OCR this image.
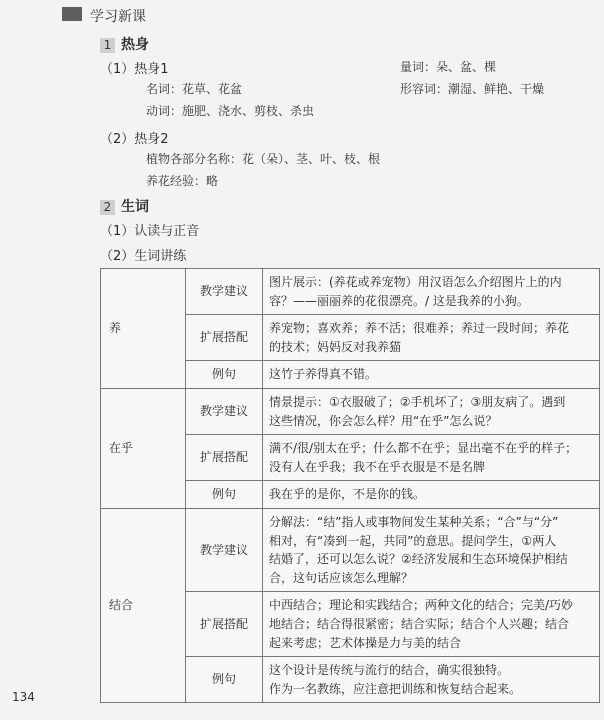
学习新课
1 热身
（1）热身1
名词：花草、花盆
动词：施肥、浇水、剪枝、杀虫
量词：朵、盆、棵
形容词：潮湿、鲜艳、干燥
（2）热身2
植物各部分名称：花（朵）、茎、叶、枝、根
养花经验：略
2 生词
（1）认读与正音
（2）生词讲练
养	教学建议	图片展示：(养花或养宠物）用汉语怎么介绍图片上的内
容？——丽丽养的花很漂亮。/ 这是我养的小狗。

	扩展搭配	养宠物；喜欢养；养不活；很难养；养过一段时间；养花
的技术；妈妈反对我养猫

	例句	这竹子养得真不错。

在乎	教学建议	情景提示：①衣服破了；②手机坏了；③朋友病了。遇到
这些情况，你会怎么样？用“在乎”怎么说？

	扩展搭配	满不/很/别太在乎；什么都不在乎；显出毫不在乎的样子；
没有人在乎我；我不在乎衣服是不是名牌

	例句	我在乎的是你，不是你的钱。

结合	教学建议	分解法：“结”指人或事物间发生某种关系；“合”与“分”
相对，有“凑到一起，共同”的意思。提问学生，①两人
结婚了，还可以怎么说？②经济发展和生态环境保护相结
合，这句话应该怎么理解？

	扩展搭配	中西结合；理论和实践结合；两种文化的结合；完美/巧妙
地结合；结合得很紧密；结合实际；结合个人兴趣；结合
起来考虑；艺术体操是力与美的结合

	例句	这个设计是传统与流行的结合，确实很独特。
作为一名教练，应注意把训练和恢复结合起来。
134
